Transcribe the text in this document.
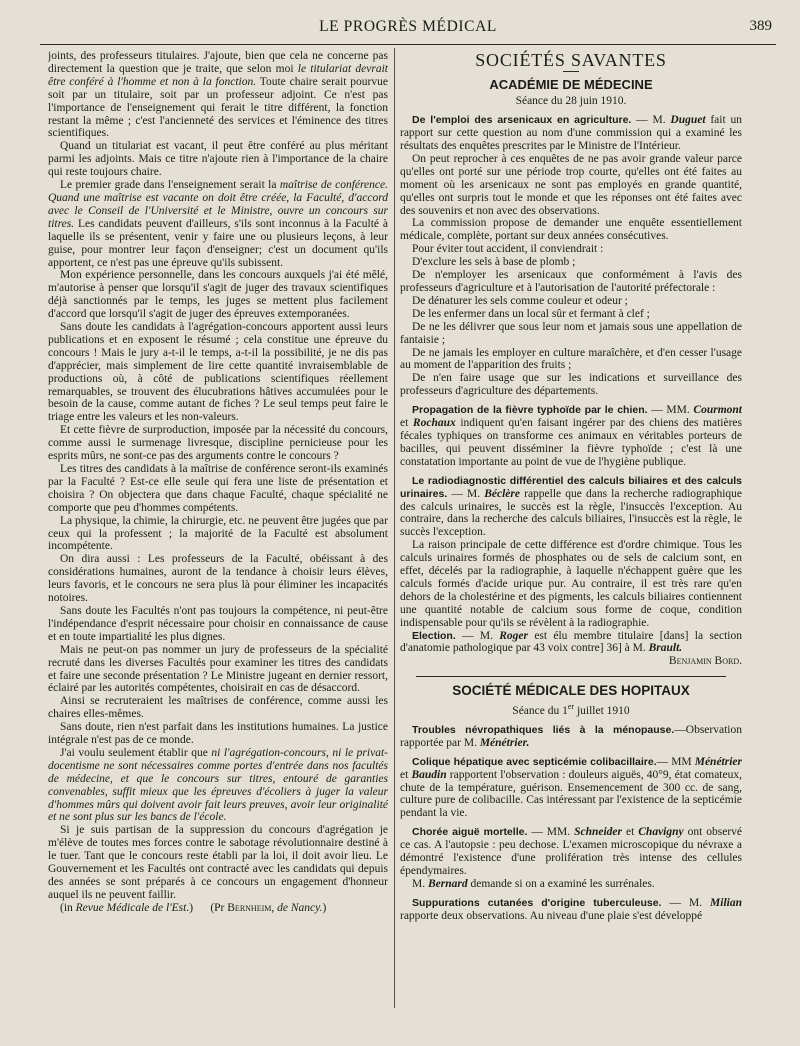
LE PROGRÈS MÉDICAL	389

joints, des professeurs titulaires. J'ajoute, bien que cela ne concerne pas directement la question que je traite, que selon moi le titulariat devrait être conféré à l'homme et non à la fonction. Toute chaire serait pourvue soit par un titulaire, soit par un professeur adjoint. Ce n'est pas l'importance de l'enseignement qui ferait le titre différent, la fonction restant la même ; c'est l'ancienneté des services et l'éminence des titres scientifiques.

Quand un titulariat est vacant, il peut être conféré au plus méritant parmi les adjoints. Mais ce titre n'ajoute rien à l'importance de la chaire qui reste toujours chaire.

Le premier grade dans l'enseignement serait la maîtrise de conférence. Quand une maîtrise est vacante on doit être créée, la Faculté, d'accord avec le Conseil de l'Université et le Ministre, ouvre un concours sur titres. Les candidats peuvent d'ailleurs, s'ils sont inconnus à la Faculté à laquelle ils se présentent, venir y faire une ou plusieurs leçons, à leur guise, pour montrer leur façon d'enseigner; c'est un document qu'ils apportent, ce n'est pas une épreuve qu'ils subissent.

Mon expérience personnelle, dans les concours auxquels j'ai été mêlé, m'autorise à penser que lorsqu'il s'agit de juger des travaux scientifiques déjà sanctionnés par le temps, les juges se mettent plus facilement d'accord que lorsqu'il s'agit de juger des épreuves extemporanées.

Sans doute les candidats à l'agrégation-concours apportent aussi leurs publications et en exposent le résumé ; cela constitue une épreuve du concours ! Mais le jury a-t-il le temps, a-t-il la possibilité, je ne dis pas d'apprécier, mais simplement de lire cette quantité invraisemblable de productions où, à côté de publications scientifiques réellement remarquables, se trouvent des élucubrations hâtives accumulées pour le besoin de la cause, comme autant de fiches ? Le seul temps peut faire le triage entre les valeurs et les non-valeurs.

Et cette fièvre de surproduction, imposée par la nécessité du concours, comme aussi le surmenage livresque, discipline pernicieuse pour les esprits mûrs, ne sont-ce pas des arguments contre le concours ?

Les titres des candidats à la maîtrise de conférence seront-ils examinés par la Faculté ? Est-ce elle seule qui fera une liste de présentation et choisira ? On objectera que dans chaque Faculté, chaque spécialité ne comporte que peu d'hommes compétents.

La physique, la chimie, la chirurgie, etc. ne peuvent être jugées que par ceux qui la professent ; la majorité de la Faculté est absolument incompétente.

On dira aussi : Les professeurs de la Faculté, obéissant à des considérations humaines, auront de la tendance à choisir leurs élèves, leurs favoris, et le concours ne sera plus là pour éliminer les incapacités notoires.

Sans doute les Facultés n'ont pas toujours la compétence, ni peut-être l'indépendance d'esprit nécessaire pour choisir en connaissance de cause et en toute impartialité les plus dignes.

Mais ne peut-on pas nommer un jury de professeurs de la spécialité recruté dans les diverses Facultés pour examiner les titres des candidats et faire une seconde présentation ? Le Ministre jugeant en dernier ressort, éclairé par les autorités compétentes, choisirait en cas de désaccord.

Ainsi se recruteraient les maîtrises de conférence, comme aussi les chaires elles-mêmes.

Sans doute, rien n'est parfait dans les institutions humaines. La justice intégrale n'est pas de ce monde.

J'ai voulu seulement établir que ni l'agrégation-concours, ni le privat-docentisme ne sont nécessaires comme portes d'entrée dans nos facultés de médecine, et que le concours sur titres, entouré de garanties convenables, suffit mieux que les épreuves d'écoliers à juger la valeur d'hommes mûrs qui doivent avoir fait leurs preuves, avoir leur originalité et ne sont plus sur les bancs de l'école.

Si je suis partisan de la suppression du concours d'agrégation je m'élève de toutes mes forces contre le sabotage révolutionnaire destiné à le tuer. Tant que le concours reste établi par la loi, il doit avoir lieu. Le Gouvernement et les Facultés ont contracté avec les candidats qui depuis des années se sont préparés à ce concours un engagement d'honneur auquel ils ne peuvent faillir.

(in Revue Médicale de l'Est.) (Pr Bernheim, de Nancy.)

SOCIÉTÉS SAVANTES
ACADÉMIE DE MÉDECINE
Séance du 28 juin 1910.

De l'emploi des arsenicaux en agriculture. — M. Duguet fait un rapport sur cette question au nom d'une commission qui a examiné les résultats des enquêtes prescrites par le Ministre de l'Intérieur.

On peut reprocher à ces enquêtes de ne pas avoir grande valeur parce qu'elles ont porté sur une période trop courte, qu'elles ont été faites au moment où les arsenicaux ne sont pas employés en grande quantité, qu'elles ont surpris tout le monde et que les réponses ont été faites avec des souvenirs et non avec des observations.

La commission propose de demander une enquête essentiellement médicale, complète, portant sur deux années consécutives.

Pour éviter tout accident, il conviendrait :

D'exclure les sels à base de plomb ;

De n'employer les arsenicaux que conformément à l'avis des professeurs d'agriculture et à l'autorisation de l'autorité préfectorale :

De dénaturer les sels comme couleur et odeur ;

De les enfermer dans un local sûr et fermant à clef ;

De ne les délivrer que sous leur nom et jamais sous une appellation de fantaisie ;

De ne jamais les employer en culture maraîchère, et d'en cesser l'usage au moment de l'apparition des fruits ;

De n'en faire usage que sur les indications et surveillance des professeurs d'agriculture des départements.

Propagation de la fièvre typhoïde par le chien. — MM. Courmont et Rochaux indiquent qu'en faisant ingérer par des chiens des matières fécales typhiques on transforme ces animaux en véritables porteurs de bacilles, qui peuvent disséminer la fièvre typhoïde ; c'est là une constatation importante au point de vue de l'hygiène publique.

Le radiodiagnostic différentiel des calculs biliaires et des calculs urinaires. — M. Béclère rappelle que dans la recherche radiographique des calculs urinaires, le succès est la règle, l'insuccès l'exception. Au contraire, dans la recherche des calculs biliaires, l'insuccès est la règle, le succès l'exception.

La raison principale de cette différence est d'ordre chimique. Tous les calculs urinaires formés de phosphates ou de sels de calcium sont, en effet, décelés par la radiographie, à laquelle n'échappent guère que les calculs formés d'acide urique pur. Au contraire, il est très rare qu'en dehors de la cholestérine et des pigments, les calculs biliaires contiennent une quantité notable de calcium sous forme de coque, condition indispensable pour qu'ils se révèlent à la radiographie.

Election. — M. Roger est élu membre titulaire [dans] la section d'anatomie pathologique par 43 voix contre] 36] à M. Brault.

Benjamin Bord.

SOCIÉTÉ MÉDICALE DES HOPITAUX
Séance du 1er juillet 1910

Troubles névropathiques liés à la ménopause.—Observation rapportée par M. Ménétrier.

Colique hépatique avec septicémie colibacillaire.— MM Ménétrier et Baudin rapportent l'observation : douleurs aiguës, 40°9, état comateux, chute de la température, guérison. Ensemencement de 300 cc. de sang, culture pure de colibacille. Cas intéressant par l'existence de la septicémie pendant la vie.

Chorée aiguë mortelle. — MM. Schneider et Chavigny ont observé ce cas. A l'autopsie : peu dechose. L'examen microscopique du névraxe a démontré l'existence d'une prolifération très intense des cellules épendymaires.

M. Bernard demande si on a examiné les surrénales.

Suppurations cutanées d'origine tuberculeuse. — M. Milian rapporte deux observations. Au niveau d'une plaie s'est développé
